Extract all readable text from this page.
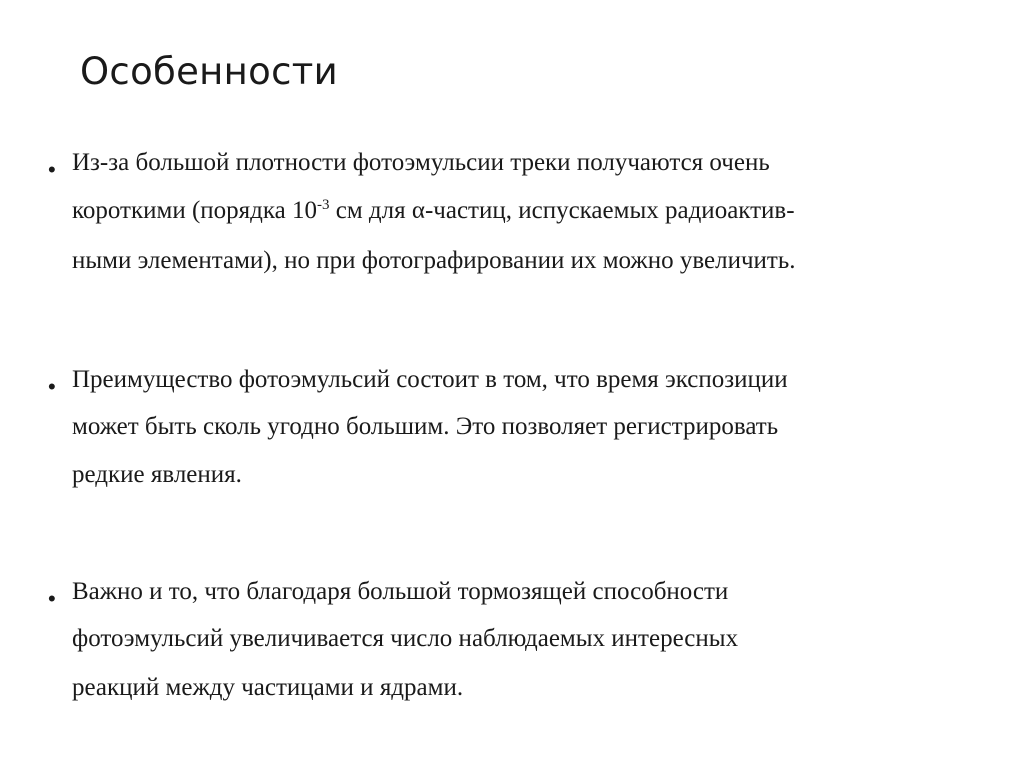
Особенности
• Из-за большой плотности фотоэмульсии треки получаются очень
короткими (порядка $10^{-3}$ см для α-частиц, испускаемых радиоактив-
ными элементами), но при фотографировании их можно увеличить.
• Преимущество фотоэмульсий состоит в том, что время экспозиции
может быть сколь угодно большим. Это позволяет регистрировать
редкие явления.
• Важно и то, что благодаря большой тормозящей способности
фотоэмульсий увеличивается число наблюдаемых интересных
реакций между частицами и ядрами.
